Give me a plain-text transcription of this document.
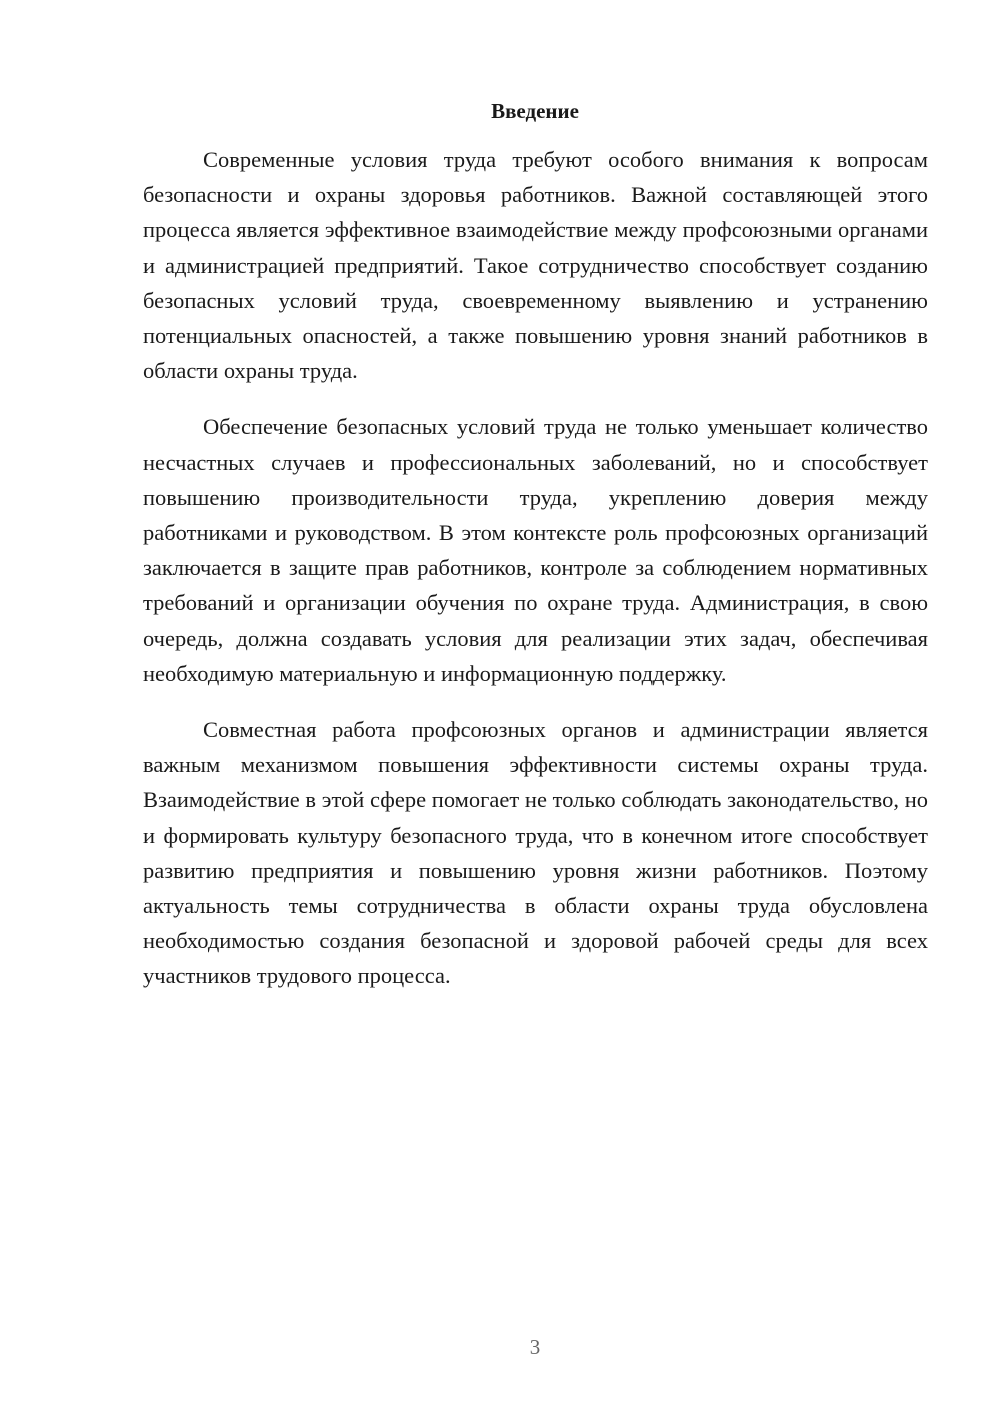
Введение

Современные условия труда требуют особого внимания к вопросам безопасности и охраны здоровья работников. Важной составляющей этого процесса является эффективное взаимодействие между профсоюзными органами и администрацией предприятий. Такое сотрудничество способствует созданию безопасных условий труда, своевременному выявлению и устранению потенциальных опасностей, а также повышению уровня знаний работников в области охраны труда.

Обеспечение безопасных условий труда не только уменьшает количество несчастных случаев и профессиональных заболеваний, но и способствует повышению производительности труда, укреплению доверия между работниками и руководством. В этом контексте роль профсоюзных организаций заключается в защите прав работников, контроле за соблюдением нормативных требований и организации обучения по охране труда. Администрация, в свою очередь, должна создавать условия для реализации этих задач, обеспечивая необходимую материальную и информационную поддержку.

Совместная работа профсоюзных органов и администрации является важным механизмом повышения эффективности системы охраны труда. Взаимодействие в этой сфере помогает не только соблюдать законодательство, но и формировать культуру безопасного труда, что в конечном итоге способствует развитию предприятия и повышению уровня жизни работников. Поэтому актуальность темы сотрудничества в области охраны труда обусловлена необходимостью создания безопасной и здоровой рабочей среды для всех участников трудового процесса.

3
